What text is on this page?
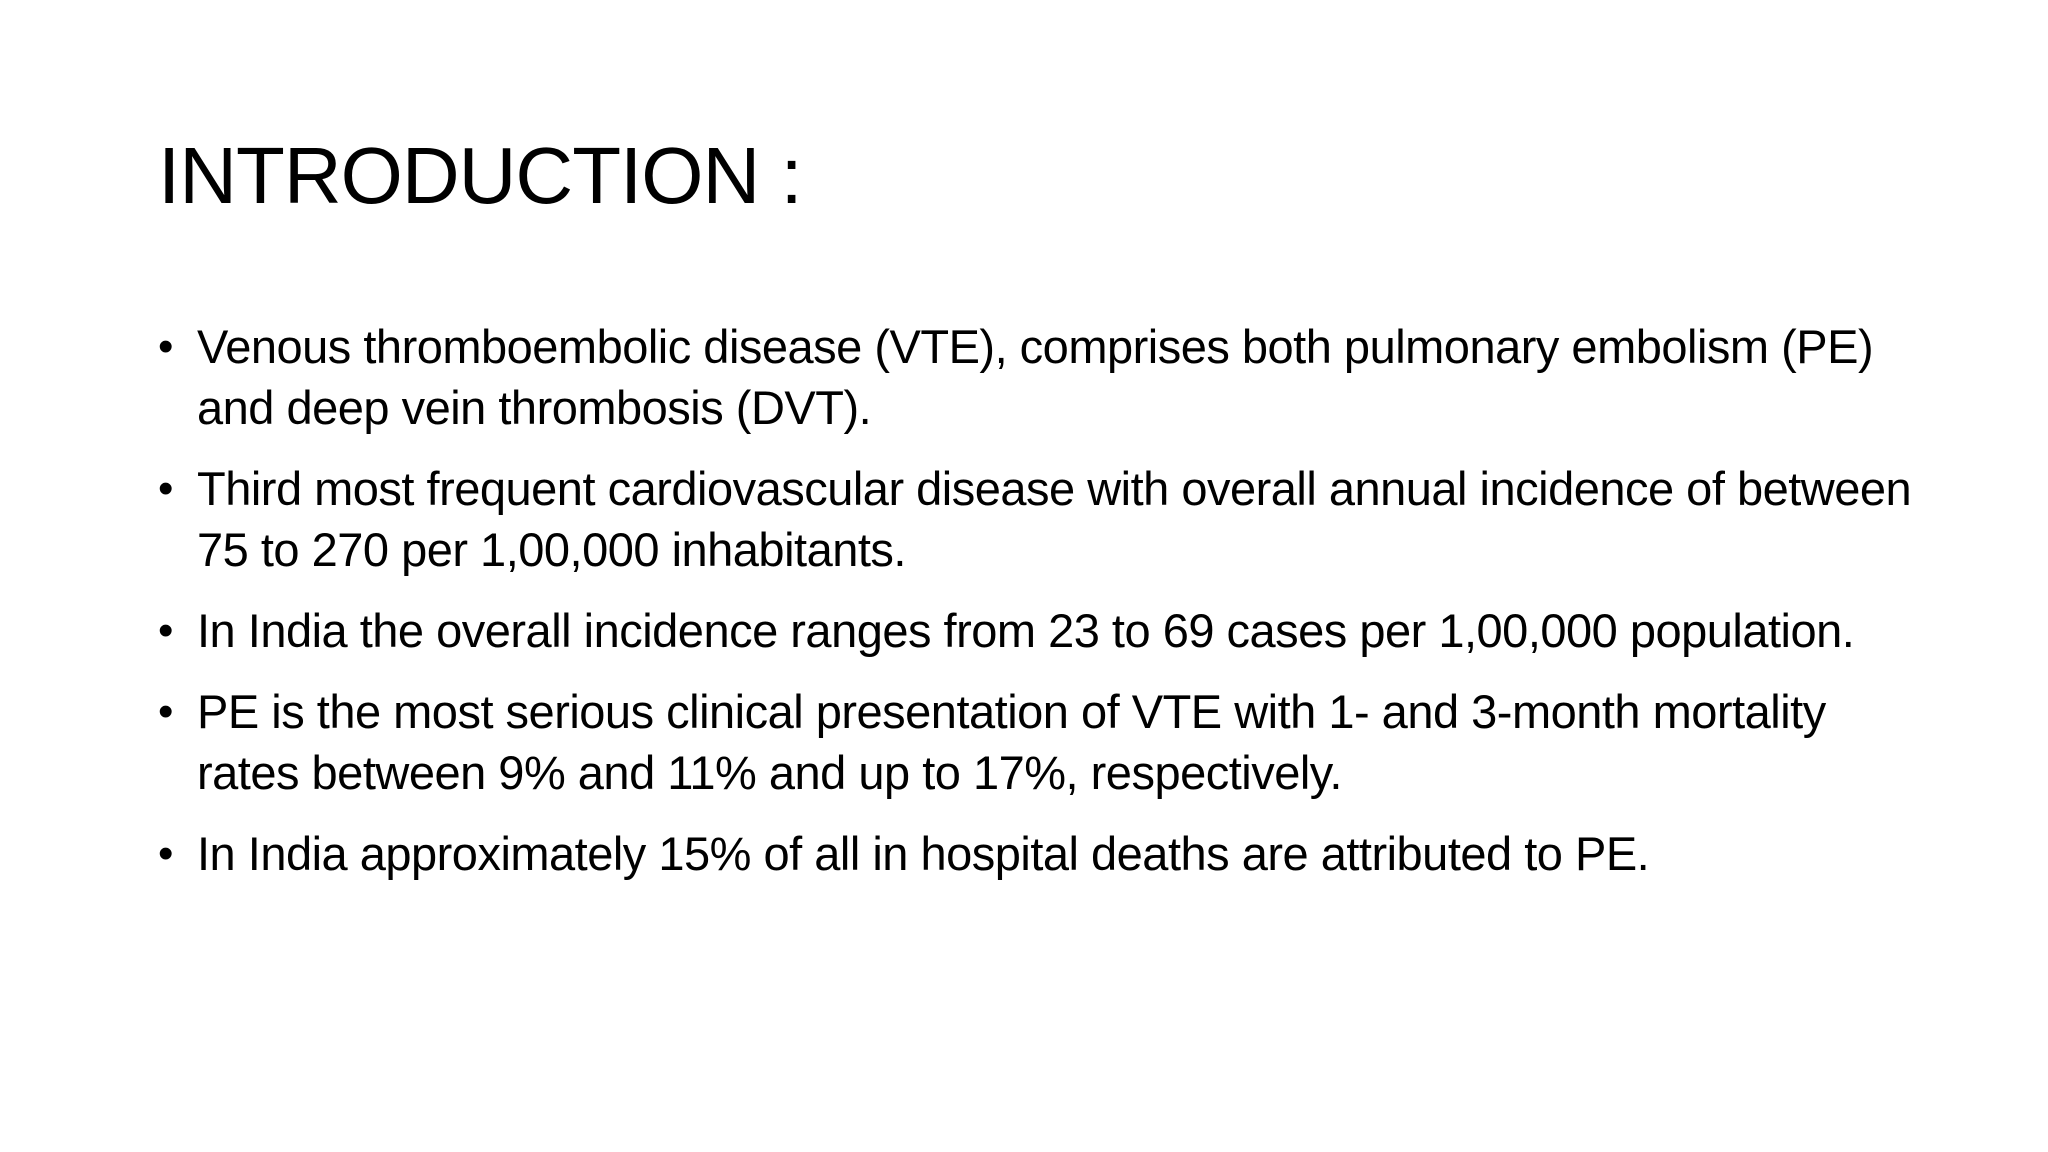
INTRODUCTION :
• Venous thromboembolic disease (VTE), comprises both pulmonary embolism (PE) and deep vein thrombosis (DVT).
• Third most frequent cardiovascular disease with overall annual incidence of between 75 to 270 per 1,00,000 inhabitants.
• In India the overall incidence ranges from 23 to 69 cases per 1,00,000 population.
• PE is the most serious clinical presentation of VTE with 1- and 3-month mortality rates between 9% and 11% and up to 17%, respectively.
• In India approximately 15% of all in hospital deaths are attributed to PE.
